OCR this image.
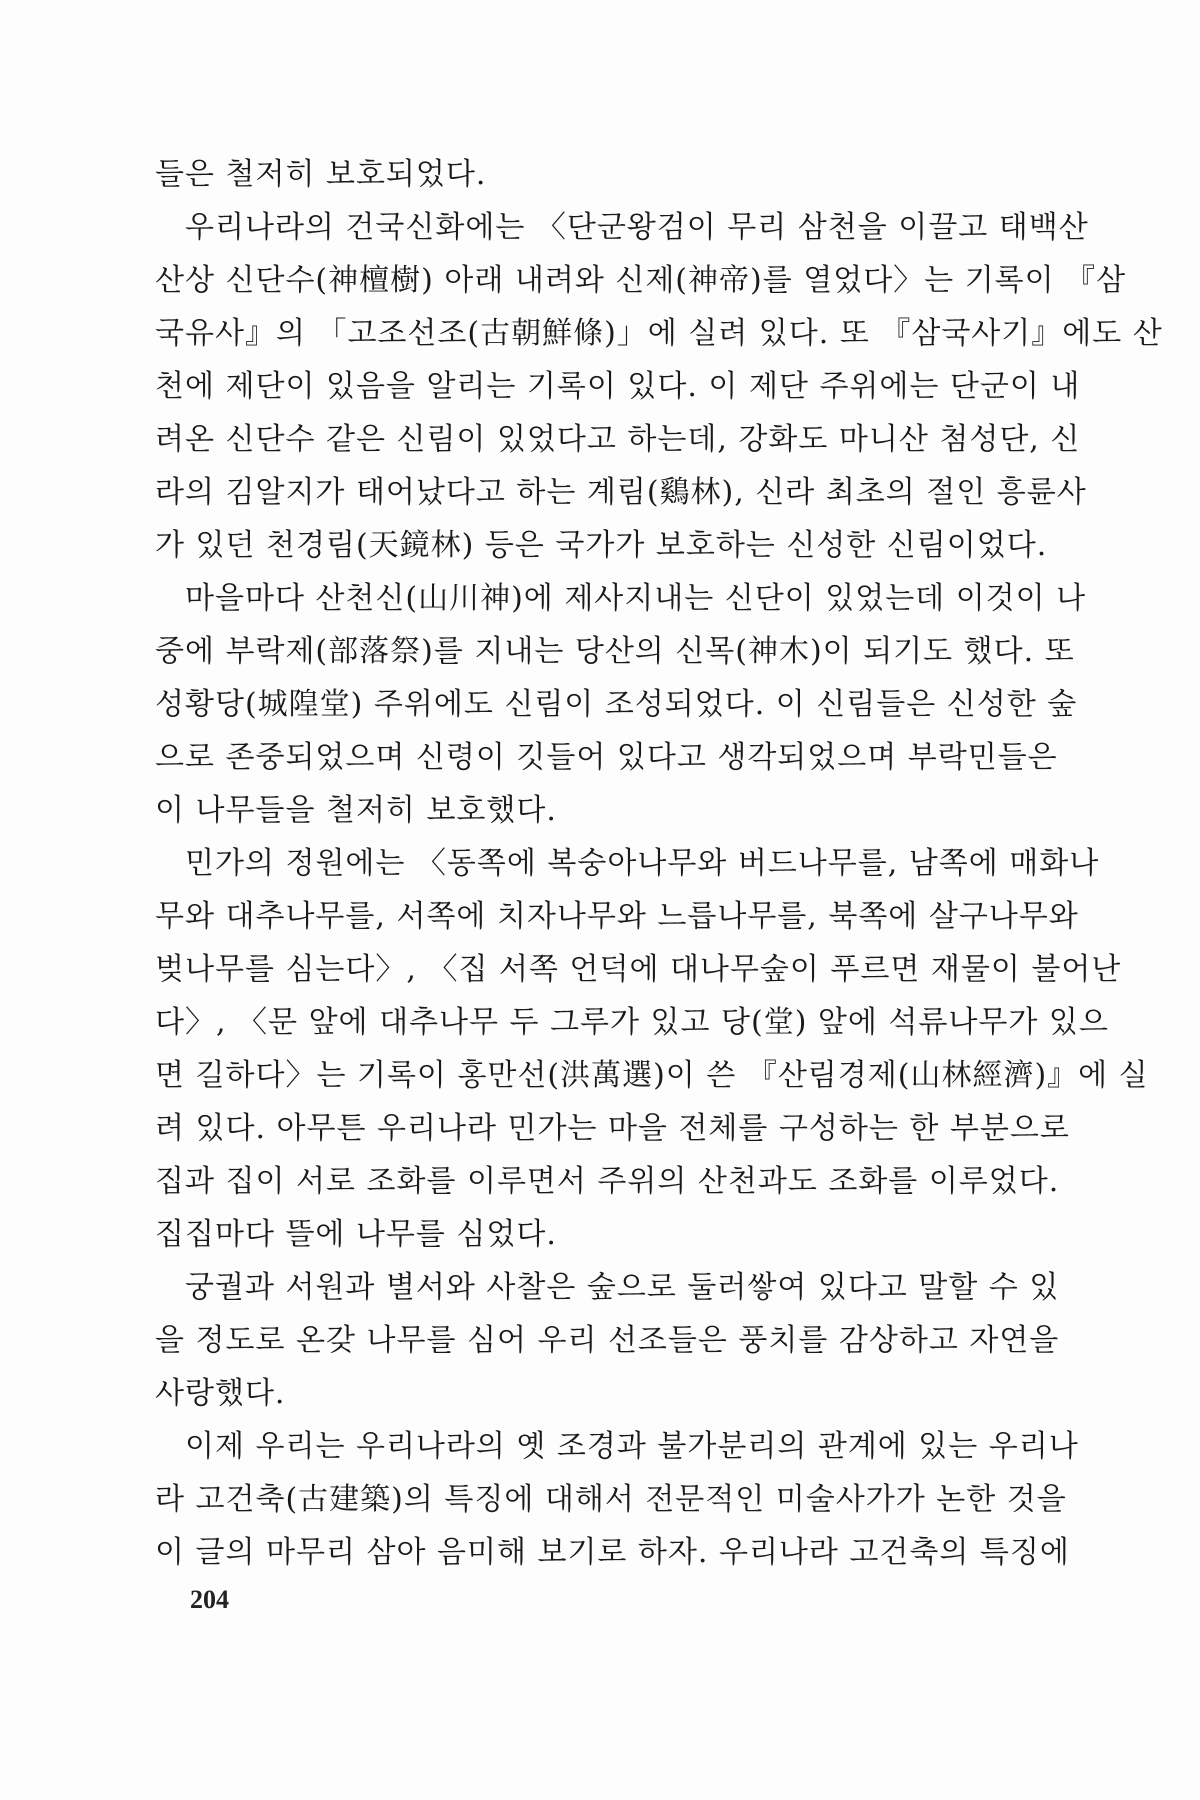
들은 철저히 보호되었다.
우리나라의 건국신화에는 〈단군왕검이 무리 삼천을 이끌고 태백산
산상 신단수(神檀樹) 아래 내려와 신제(神帝)를 열었다〉는 기록이 『삼
국유사』의 「고조선조(古朝鮮條)」에 실려 있다. 또 『삼국사기』에도 산
천에 제단이 있음을 알리는 기록이 있다. 이 제단 주위에는 단군이 내
려온 신단수 같은 신림이 있었다고 하는데, 강화도 마니산 첨성단, 신
라의 김알지가 태어났다고 하는 계림(鷄林), 신라 최초의 절인 흥륜사
가 있던 천경림(天鏡林) 등은 국가가 보호하는 신성한 신림이었다.
마을마다 산천신(山川神)에 제사지내는 신단이 있었는데 이것이 나
중에 부락제(部落祭)를 지내는 당산의 신목(神木)이 되기도 했다. 또
성황당(城隍堂) 주위에도 신림이 조성되었다. 이 신림들은 신성한 숲
으로 존중되었으며 신령이 깃들어 있다고 생각되었으며 부락민들은
이 나무들을 철저히 보호했다.
민가의 정원에는 〈동쪽에 복숭아나무와 버드나무를, 남쪽에 매화나
무와 대추나무를, 서쪽에 치자나무와 느릅나무를, 북쪽에 살구나무와
벚나무를 심는다〉, 〈집 서쪽 언덕에 대나무숲이 푸르면 재물이 불어난
다〉, 〈문 앞에 대추나무 두 그루가 있고 당(堂) 앞에 석류나무가 있으
면 길하다〉는 기록이 홍만선(洪萬選)이 쓴 『산림경제(山林經濟)』에 실
려 있다. 아무튼 우리나라 민가는 마을 전체를 구성하는 한 부분으로
집과 집이 서로 조화를 이루면서 주위의 산천과도 조화를 이루었다.
집집마다 뜰에 나무를 심었다.
궁궐과 서원과 별서와 사찰은 숲으로 둘러쌓여 있다고 말할 수 있
을 정도로 온갖 나무를 심어 우리 선조들은 풍치를 감상하고 자연을
사랑했다.
이제 우리는 우리나라의 옛 조경과 불가분리의 관계에 있는 우리나
라 고건축(古建築)의 특징에 대해서 전문적인 미술사가가 논한 것을
이 글의 마무리 삼아 음미해 보기로 하자. 우리나라 고건축의 특징에
204
